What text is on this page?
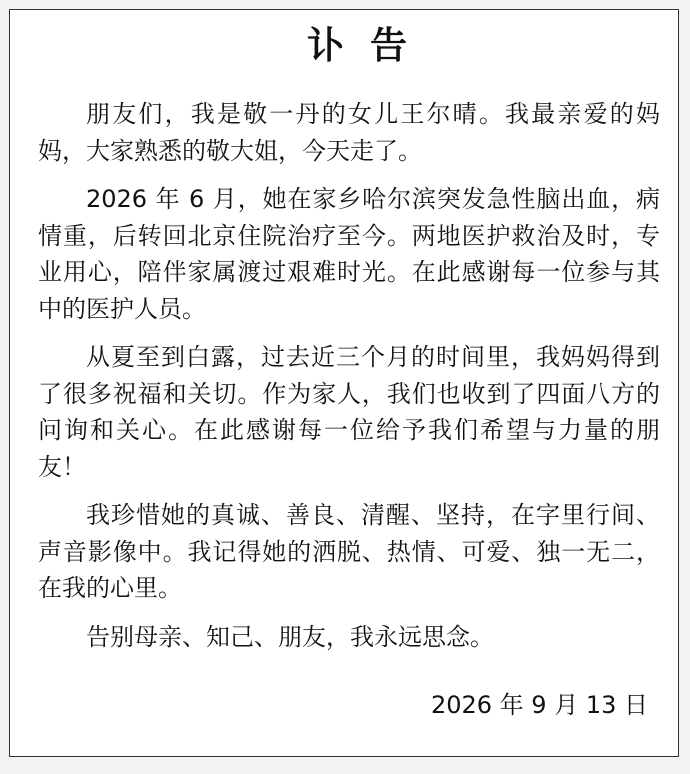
讣告

朋友们，我是敬一丹的女儿王尔晴。我最亲爱的妈妈，大家熟悉的敬大姐，今天走了。

2026 年 6 月，她在家乡哈尔滨突发急性脑出血，病情重，后转回北京住院治疗至今。两地医护救治及时，专业用心，陪伴家属渡过艰难时光。在此感谢每一位参与其中的医护人员。

从夏至到白露，过去近三个月的时间里，我妈妈得到了很多祝福和关切。作为家人，我们也收到了四面八方的问询和关心。在此感谢每一位给予我们希望与力量的朋友！

我珍惜她的真诚、善良、清醒、坚持，在字里行间、声音影像中。我记得她的洒脱、热情、可爱、独一无二，在我的心里。

告别母亲、知己、朋友，我永远思念。

2026 年 9 月 13 日
